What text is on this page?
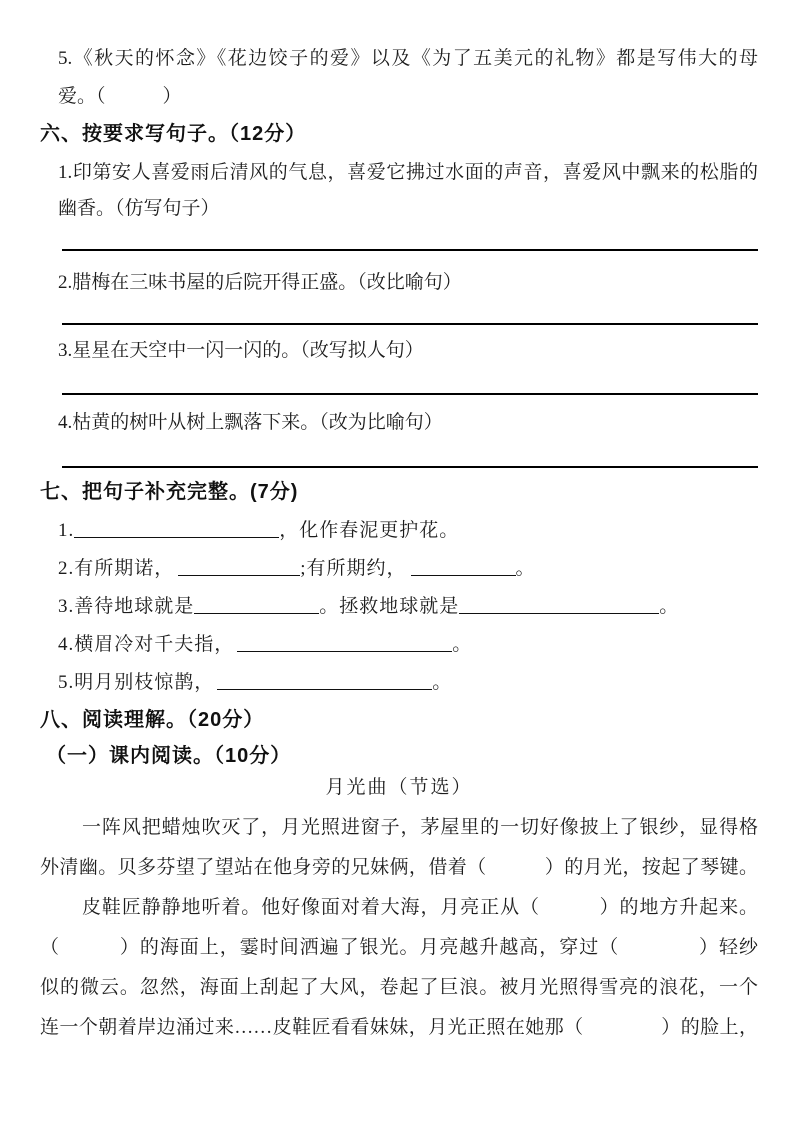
5.《秋天的怀念》《花边饺子的爱》以及《为了五美元的礼物》都是写伟大的母
爱。（　　　）
六、按要求写句子。（12分）
1.印第安人喜爱雨后清风的气息，喜爱它拂过水面的声音，喜爱风中飘来的松脂的
幽香。（仿写句子）
2.腊梅在三味书屋的后院开得正盛。（改比喻句）
3.星星在天空中一闪一闪的。（改写拟人句）
4.枯黄的树叶从树上飘落下来。（改为比喻句）
七、把句子补充完整。(7分)
1.	，化作春泥更护花。
2.有所期诺，	;有所期约，	。
3.善待地球就是	。拯救地球就是	。
4.横眉冷对千夫指，	。
5.明月别枝惊鹊，	。
八、阅读理解。（20分）
（一）课内阅读。（10分）
月光曲（节选）
一阵风把蜡烛吹灭了，月光照进窗子，茅屋里的一切好像披上了银纱，显得格
外清幽。贝多芬望了望站在他身旁的兄妹俩，借着（　　　）的月光，按起了琴键。
皮鞋匠静静地听着。他好像面对着大海，月亮正从（　　　）的地方升起来。
（　　　）的海面上，霎时间洒遍了银光。月亮越升越高，穿过（　　　　）轻纱
似的微云。忽然，海面上刮起了大风，卷起了巨浪。被月光照得雪亮的浪花，一个
连一个朝着岸边涌过来……皮鞋匠看看妹妹，月光正照在她那（　　　　）的脸上，
